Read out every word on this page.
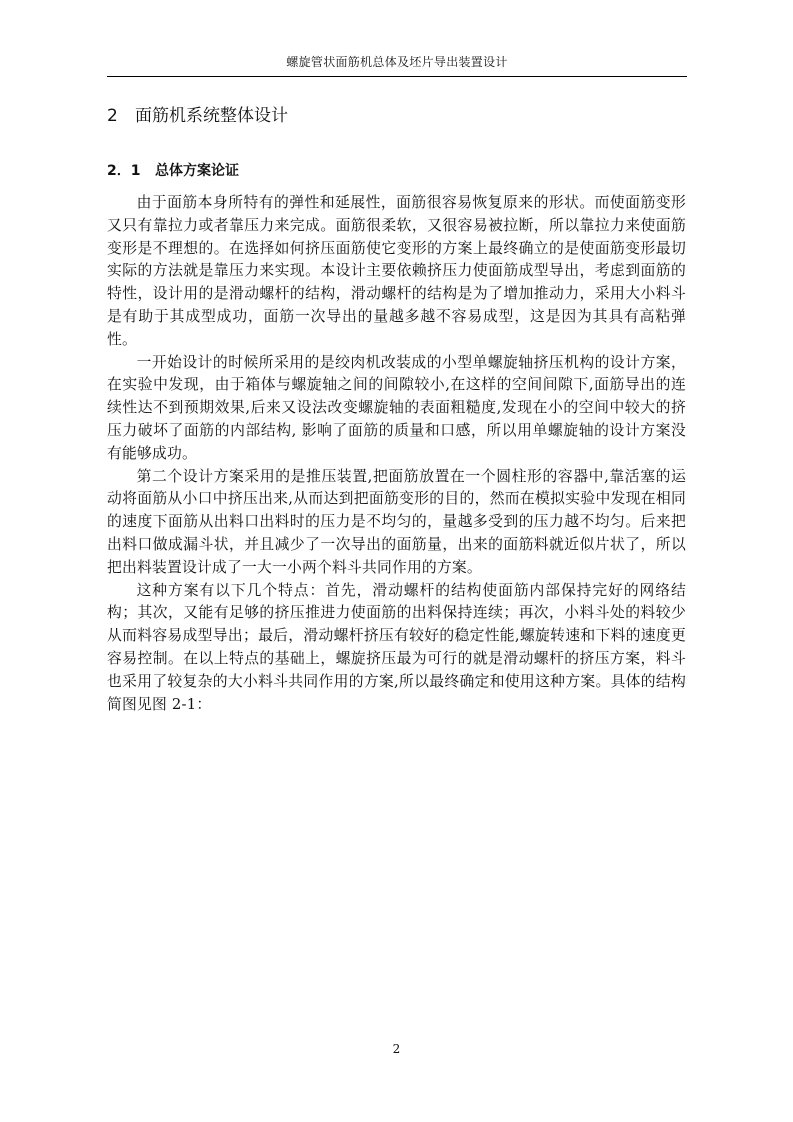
螺旋管状面筋机总体及坯片导出装置设计
2 面筋机系统整体设计
2．1 总体方案论证

由于面筋本身所特有的弹性和延展性，面筋很容易恢复原来的形状。而使面筋变形又只有靠拉力或者靠压力来完成。面筋很柔软，又很容易被拉断，所以靠拉力来使面筋变形是不理想的。在选择如何挤压面筋使它变形的方案上最终确立的是使面筋变形最切实际的方法就是靠压力来实现。本设计主要依赖挤压力使面筋成型导出，考虑到面筋的特性，设计用的是滑动螺杆的结构，滑动螺杆的结构是为了增加推动力，采用大小料斗是有助于其成型成功，面筋一次导出的量越多越不容易成型，这是因为其具有高粘弹性。

一开始设计的时候所采用的是绞肉机改装成的小型单螺旋轴挤压机构的设计方案，在实验中发现，由于箱体与螺旋轴之间的间隙较小,在这样的空间间隙下,面筋导出的连续性达不到预期效果,后来又设法改变螺旋轴的表面粗糙度,发现在小的空间中较大的挤压力破坏了面筋的内部结构, 影响了面筋的质量和口感，所以用单螺旋轴的设计方案没有能够成功。

第二个设计方案采用的是推压装置,把面筋放置在一个圆柱形的容器中,靠活塞的运动将面筋从小口中挤压出来,从而达到把面筋变形的目的，然而在模拟实验中发现在相同的速度下面筋从出料口出料时的压力是不均匀的，量越多受到的压力越不均匀。后来把出料口做成漏斗状，并且减少了一次导出的面筋量，出来的面筋料就近似片状了，所以把出料装置设计成了一大一小两个料斗共同作用的方案。

这种方案有以下几个特点：首先，滑动螺杆的结构使面筋内部保持完好的网络结构；其次，又能有足够的挤压推进力使面筋的出料保持连续；再次，小料斗处的料较少从而料容易成型导出；最后，滑动螺杆挤压有较好的稳定性能,螺旋转速和下料的速度更容易控制。在以上特点的基础上，螺旋挤压最为可行的就是滑动螺杆的挤压方案，料斗也采用了较复杂的大小料斗共同作用的方案,所以最终确定和使用这种方案。具体的结构简图见图 2-1：

2
